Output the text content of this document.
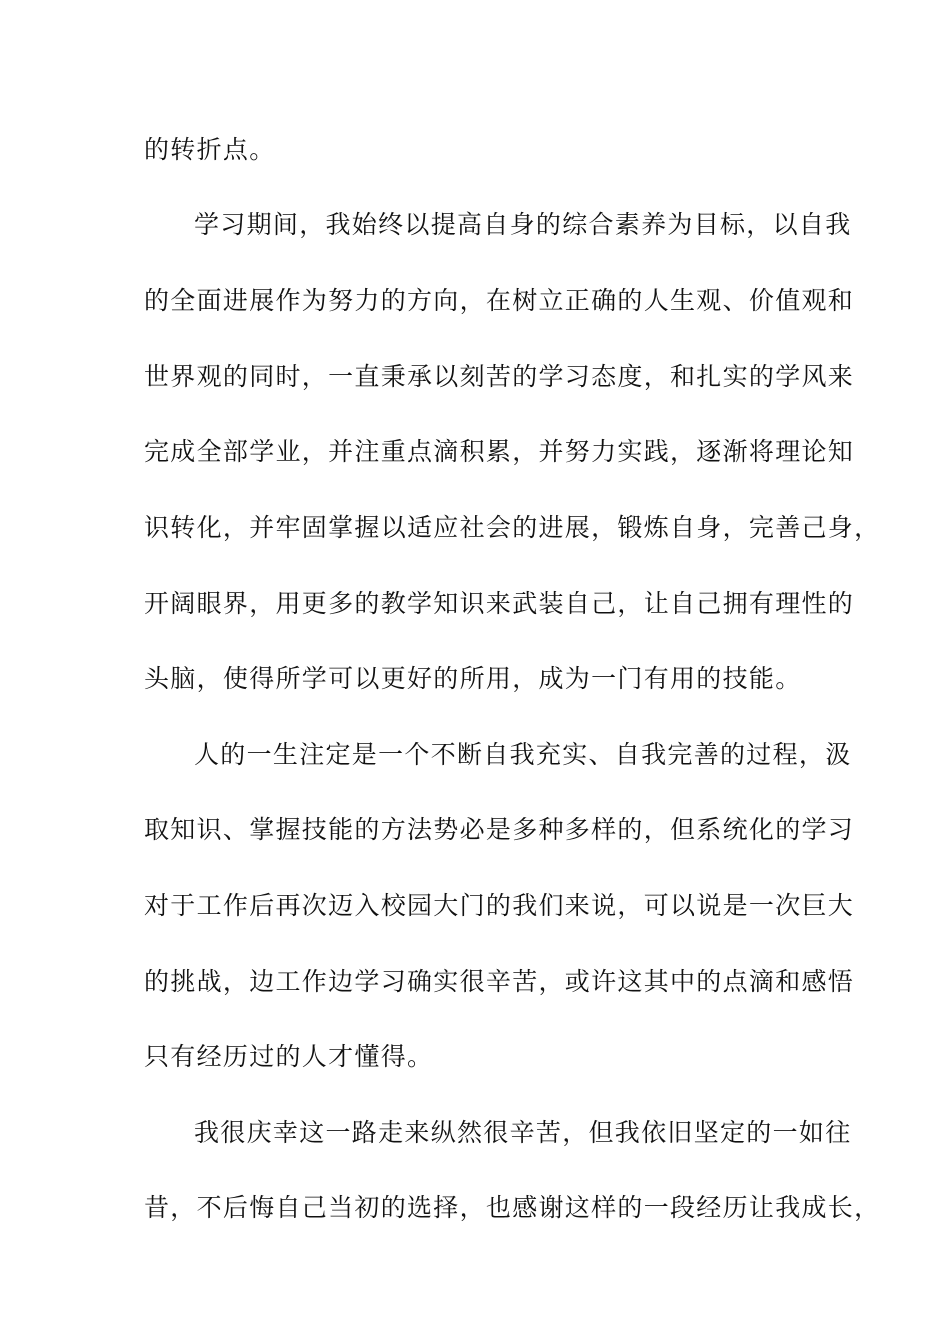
的转折点。
学习期间，我始终以提高自身的综合素养为目标，以自我
的全面进展作为努力的方向，在树立正确的人生观、价值观和
世界观的同时，一直秉承以刻苦的学习态度，和扎实的学风来
完成全部学业，并注重点滴积累，并努力实践，逐渐将理论知
识转化，并牢固掌握以适应社会的进展，锻炼自身，完善己身，
开阔眼界，用更多的教学知识来武装自己，让自己拥有理性的
头脑，使得所学可以更好的所用，成为一门有用的技能。
人的一生注定是一个不断自我充实、自我完善的过程，汲
取知识、掌握技能的方法势必是多种多样的，但系统化的学习
对于工作后再次迈入校园大门的我们来说，可以说是一次巨大
的挑战，边工作边学习确实很辛苦，或许这其中的点滴和感悟
只有经历过的人才懂得。
我很庆幸这一路走来纵然很辛苦，但我依旧坚定的一如往
昔，不后悔自己当初的选择，也感谢这样的一段经历让我成长，
